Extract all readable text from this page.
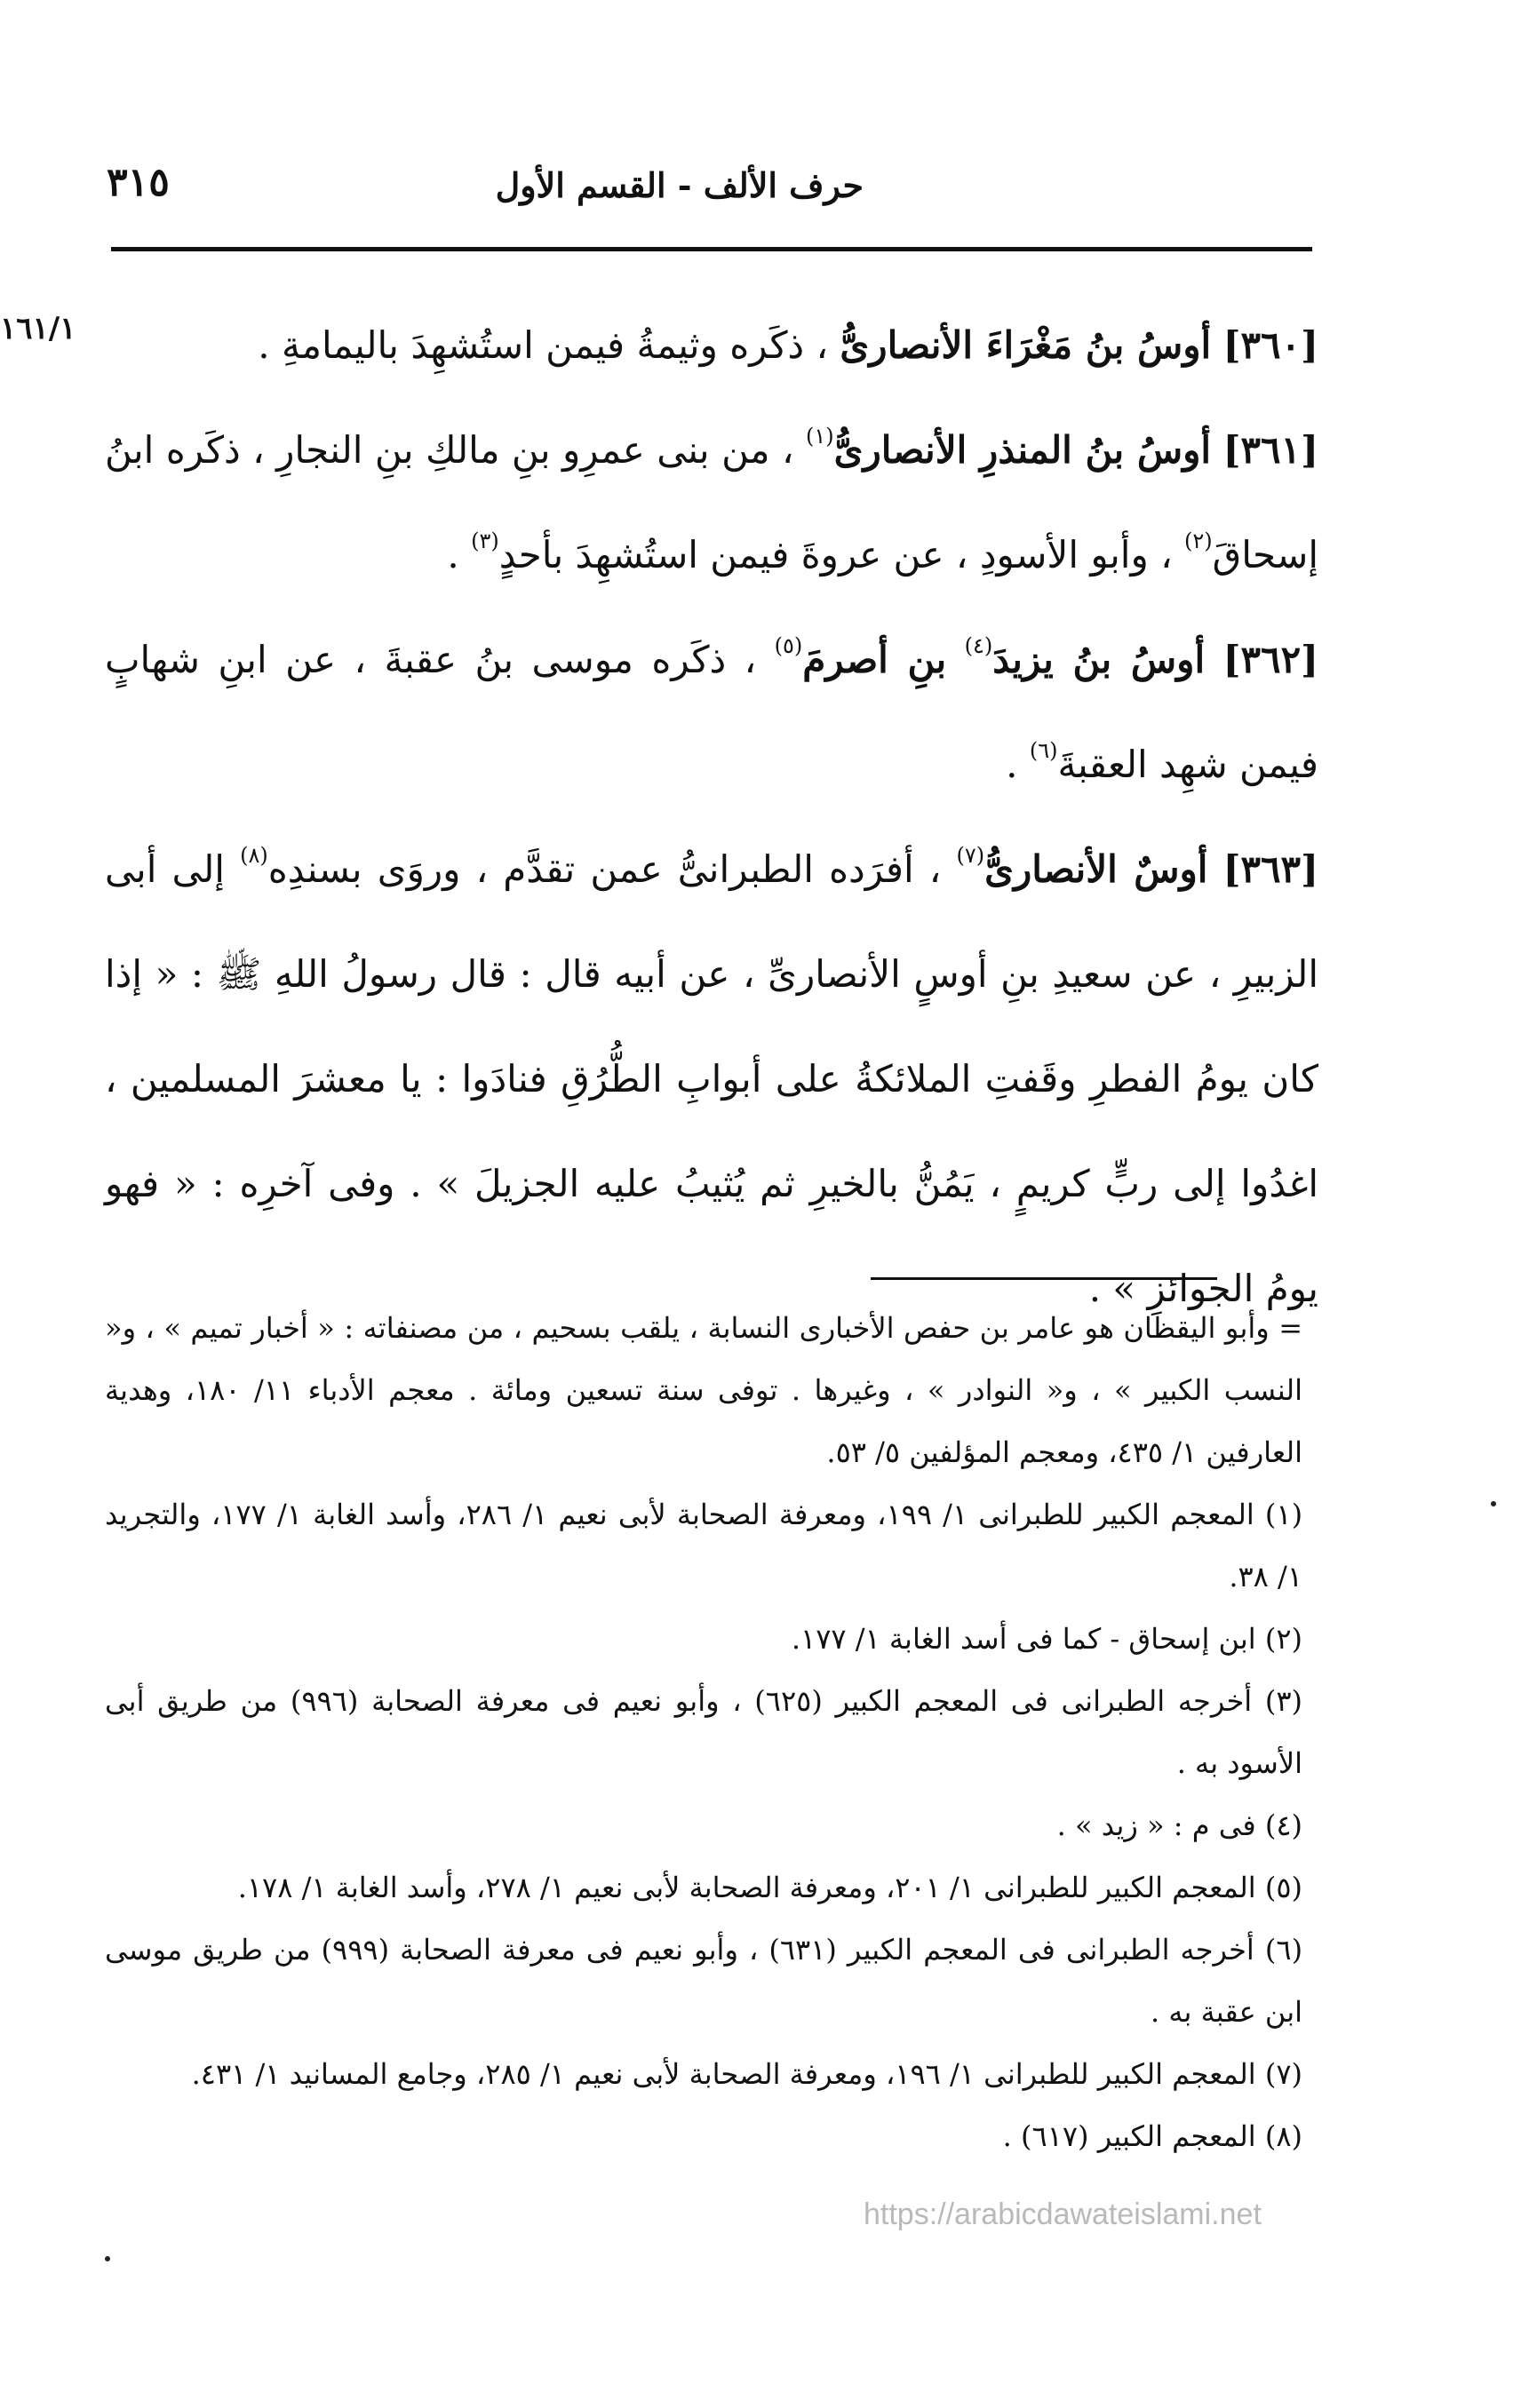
٣١٥	حرف الألف - القسم الأول
١٦١/١	[٣٦٠] أوسُ بنُ مَغْرَاءَ الأنصارىُّ ، ذكَره وثيمةُ فيمن استُشهِدَ باليمامةِ .

[٣٦١] أوسُ بنُ المنذرِ الأنصارىُّ$^{(١)}$ ، من بنى عمرِو بنِ مالكِ بنِ النجارِ ، ذكَره ابنُ إسحاقَ$^{(٢)}$ ، وأبو الأسودِ ، عن عروةَ فيمن استُشهِدَ بأحدٍ$^{(٣)}$ .

[٣٦٢] أوسُ بنُ يزيدَ$^{(٤)}$ بنِ أصرمَ$^{(٥)}$ ، ذكَره موسى بنُ عقبةَ ، عن ابنِ شهابٍ فيمن شهِد العقبةَ$^{(٦)}$ .

[٣٦٣] أوسٌ الأنصارىُّ$^{(٧)}$ ، أفرَده الطبرانىُّ عمن تقدَّم ، وروَى بسندِه$^{(٨)}$ إلى أبى الزبيرِ ، عن سعيدِ بنِ أوسٍ الأنصارىِّ ، عن أبيه قال : قال رسولُ اللهِ ﷺ : « إذا كان يومُ الفطرِ وقَفتِ الملائكةُ على أبوابِ الطُّرُقِ فنادَوا : يا معشرَ المسلمين ، اغدُوا إلى ربٍّ كريمٍ ، يَمُنُّ بالخيرِ ثم يُثيبُ عليه الجزيلَ » . وفى آخرِه : « فهو يومُ الجوائزِ » .

= وأبو اليقظان هو عامر بن حفص الأخبارى النسابة ، يلقب بسحيم ، من مصنفاته : « أخبار تميم » ، و« النسب الكبير » ، و« النوادر » ، وغيرها . توفى سنة تسعين ومائة . معجم الأدباء ١١/ ١٨٠، وهدية العارفين ١/ ٤٣٥، ومعجم المؤلفين ٥/ ٥٣.

(١) المعجم الكبير للطبرانى ١/ ١٩٩، ومعرفة الصحابة لأبى نعيم ١/ ٢٨٦، وأسد الغابة ١/ ١٧٧، والتجريد ١/ ٣٨.

(٢) ابن إسحاق - كما فى أسد الغابة ١/ ١٧٧.

(٣) أخرجه الطبرانى فى المعجم الكبير (٦٢٥) ، وأبو نعيم فى معرفة الصحابة (٩٩٦) من طريق أبى الأسود به .

(٤) فى م : « زيد » .

(٥) المعجم الكبير للطبرانى ١/ ٢٠١، ومعرفة الصحابة لأبى نعيم ١/ ٢٧٨، وأسد الغابة ١/ ١٧٨.

(٦) أخرجه الطبرانى فى المعجم الكبير (٦٣١) ، وأبو نعيم فى معرفة الصحابة (٩٩٩) من طريق موسى ابن عقبة به .

(٧) المعجم الكبير للطبرانى ١/ ١٩٦، ومعرفة الصحابة لأبى نعيم ١/ ٢٨٥، وجامع المسانيد ١/ ٤٣١.

(٨) المعجم الكبير (٦١٧) .

https://arabicdawateislami.net
